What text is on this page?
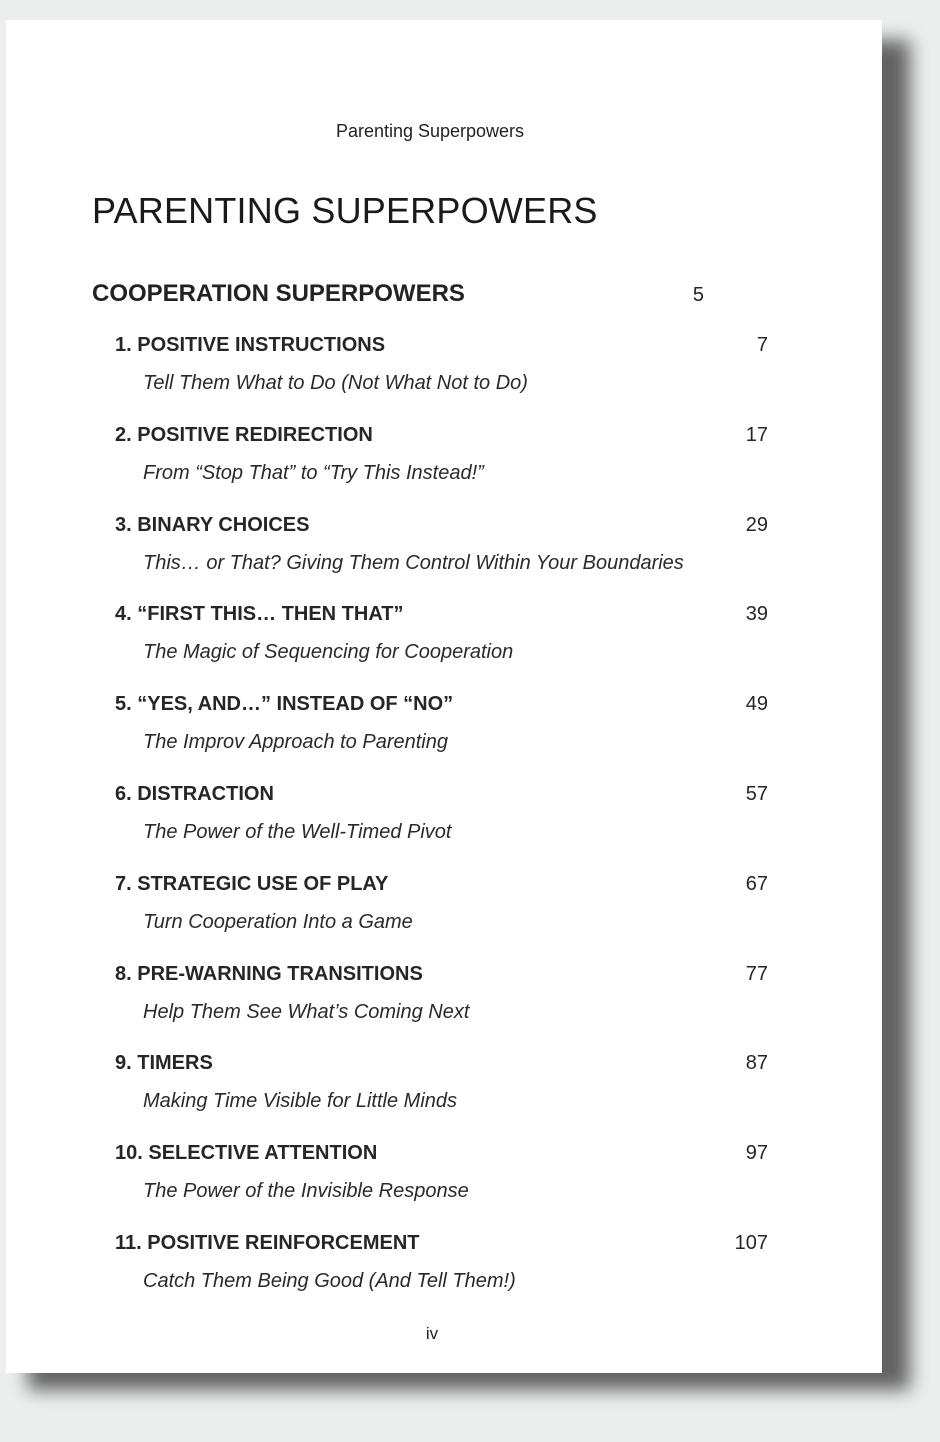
Parenting Superpowers
PARENTING SUPERPOWERS
COOPERATION SUPERPOWERS	5
1. POSITIVE INSTRUCTIONS	7
Tell Them What to Do (Not What Not to Do)
2. POSITIVE REDIRECTION	17
From “Stop That” to “Try This Instead!”
3. BINARY CHOICES	29
This… or That? Giving Them Control Within Your Boundaries
4. “FIRST THIS… THEN THAT”	39
The Magic of Sequencing for Cooperation
5. “YES, AND…” INSTEAD OF “NO”	49
The Improv Approach to Parenting
6. DISTRACTION	57
The Power of the Well-Timed Pivot
7. STRATEGIC USE OF PLAY	67
Turn Cooperation Into a Game
8. PRE-WARNING TRANSITIONS	77
Help Them See What’s Coming Next
9. TIMERS	87
Making Time Visible for Little Minds
10. SELECTIVE ATTENTION	97
The Power of the Invisible Response
11. POSITIVE REINFORCEMENT	107
Catch Them Being Good (And Tell Them!)
iv
